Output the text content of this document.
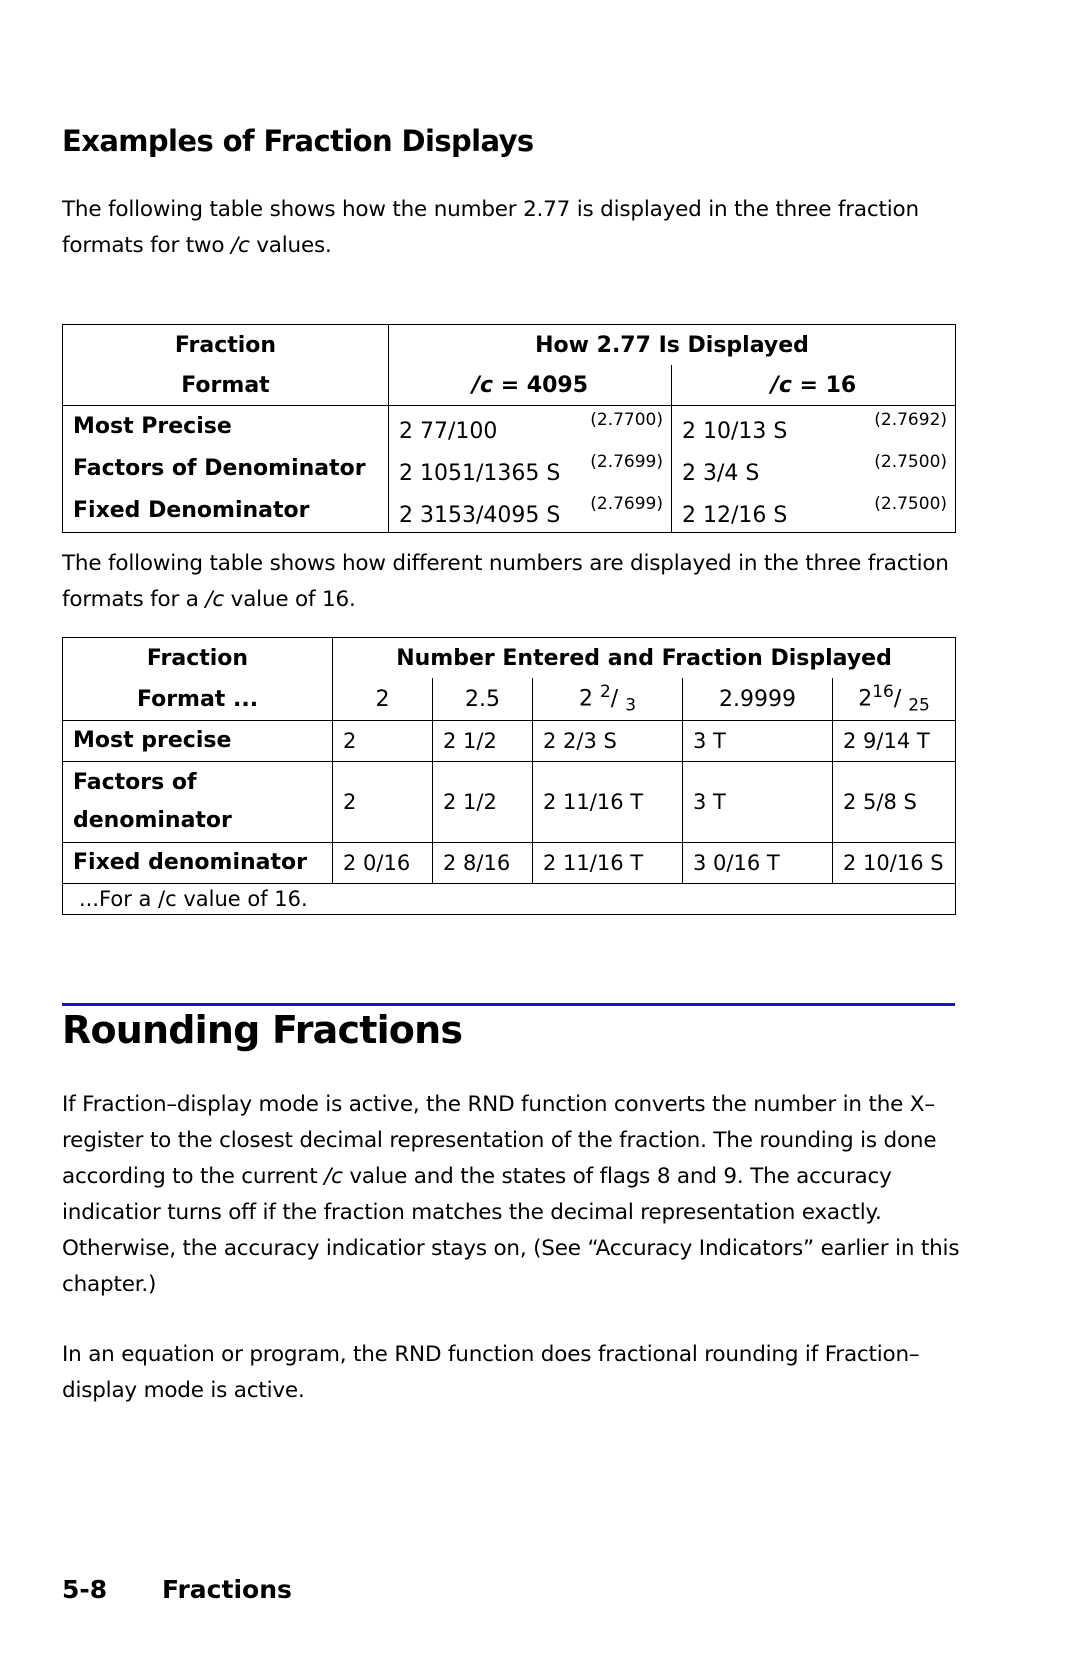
Examples of Fraction Displays

The following table shows how the number 2.77 is displayed in the three fraction formats for two /c values.

Fraction	How 2.77 Is Displayed	
Format	/c = 4095	/c = 16
Most Precise	2 77/100 (2.7700)	2 10/13 S (2.7692)

Factors of Denominator	2 1051/1365 S (2.7699)	2 3/4 S (2.7500)

Fixed Denominator	2 3153/4095 S (2.7699)	2 12/16 S (2.7500)

The following table shows how different numbers are displayed in the three fraction formats for a /c value of 16.

Fraction	Number Entered and Fraction Displayed				
Format ...	2	2.5	2 $^2$/ $_3$	2.9999	$2^{16}/$ $_{25}$
Most precise	2	2 1/2	2 2/3 S	3 T	2 9/14 T
Factors of
denominator	2	2 1/2	2 11/16 T	3 T	2 5/8 S
Fixed denominator	2 0/16	2 8/16	2 11/16 T	3 0/16 T	2 10/16 S
...For a /c value of 16.					
Rounding Fractions

If Fraction–display mode is active, the RND function converts the number in the X–register to the closest decimal representation of the fraction. The rounding is done according to the current /c value and the states of flags 8 and 9. The accuracy indicatior turns off if the fraction matches the decimal representation exactly. Otherwise, the accuracy indicatior stays on, (See “Accuracy Indicators” earlier in this chapter.)

In an equation or program, the RND function does fractional rounding if Fraction–display mode is active.

5-8 Fractions
